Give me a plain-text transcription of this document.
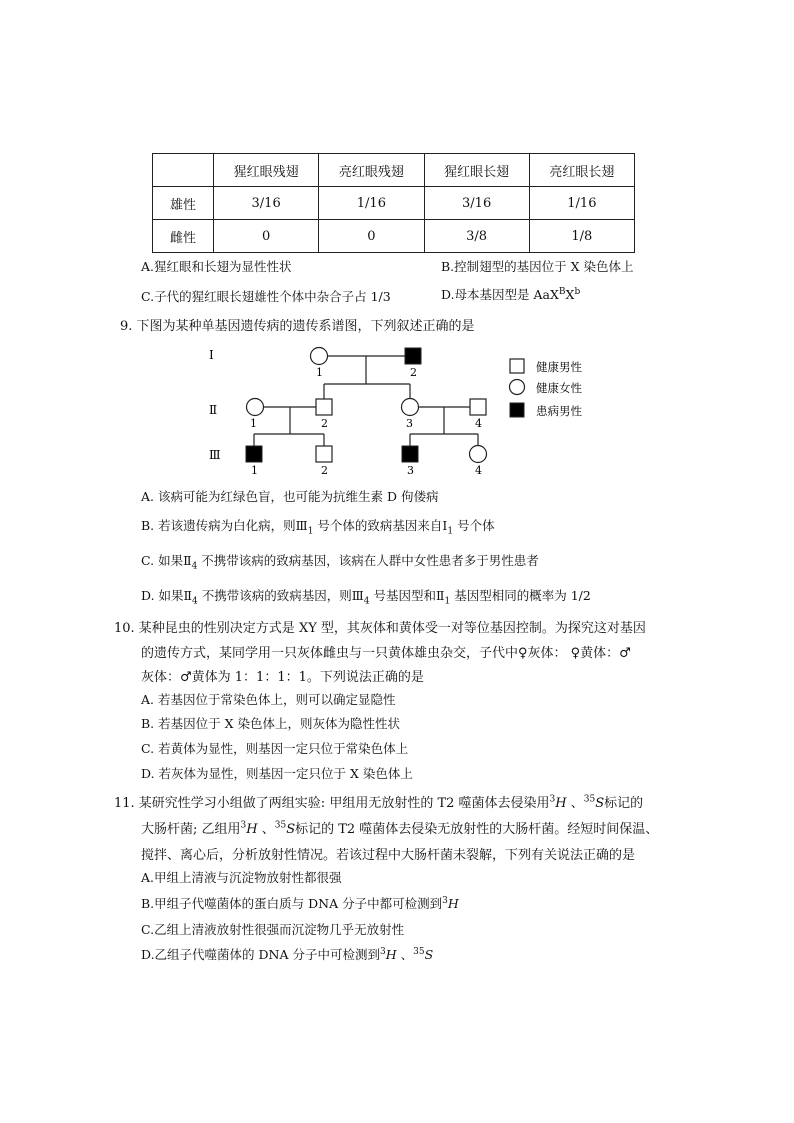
	猩红眼残翅	亮红眼残翅	猩红眼长翅	亮红眼长翅
雄性	3/16	1/16	3/16	1/16
雌性	0	0	3/8	1/8
A.猩红眼和长翅为显性性状	B.控制翅型的基因位于 X 染色体上
C.子代的猩红眼长翅雄性个体中杂合子占 1/3	D.母本基因型是 $AaX^BX^b$
9. 下图为某种单基因遗传病的遗传系谱图，下列叙述正确的是
Ⅰ
Ⅱ
Ⅲ
1	2
1	2	3	4
1	2	3	4
健康男性
健康女性
患病男性
A. 该病可能为红绿色盲，也可能为抗维生素 D 佝偻病
B. 若该遗传病为白化病，则$Ⅲ_1$ 号个体的致病基因来自$Ⅰ_1$ 号个体
C. 如果$Ⅱ_4$ 不携带该病的致病基因，该病在人群中女性患者多于男性患者
D. 如果$Ⅱ_4$ 不携带该病的致病基因，则$Ⅲ_4$ 号基因型和$Ⅱ_1$ 基因型相同的概率为 1/2
10. 某种昆虫的性别决定方式是 XY 型，其灰体和黄体受一对等位基因控制。为探究这对基因
的遗传方式，某同学用一只灰体雌虫与一只黄体雄虫杂交，子代中♀灰体： ♀黄体：♂
灰体：♂黄体为 1：1：1：1。下列说法正确的是
A. 若基因位于常染色体上，则可以确定显隐性
B. 若基因位于 X 染色体上，则灰体为隐性性状
C. 若黄体为显性，则基因一定只位于常染色体上
D. 若灰体为显性，则基因一定只位于 X 染色体上
11. 某研究性学习小组做了两组实验: 甲组用无放射性的 T2 噬菌体去侵染用$^3$H 、$^{35}$S标记的
大肠杆菌; 乙组用$^3$H 、$^{35}$S标记的 T2 噬菌体去侵染无放射性的大肠杆菌。经短时间保温、
搅拌、离心后，分析放射性情况。若该过程中大肠杆菌未裂解，下列有关说法正确的是
A.甲组上清液与沉淀物放射性都很强
B.甲组子代噬菌体的蛋白质与 DNA 分子中都可检测到$^3$H
C.乙组上清液放射性很强而沉淀物几乎无放射性
D.乙组子代噬菌体的 DNA 分子中可检测到$^3$H 、$^{35}$S
